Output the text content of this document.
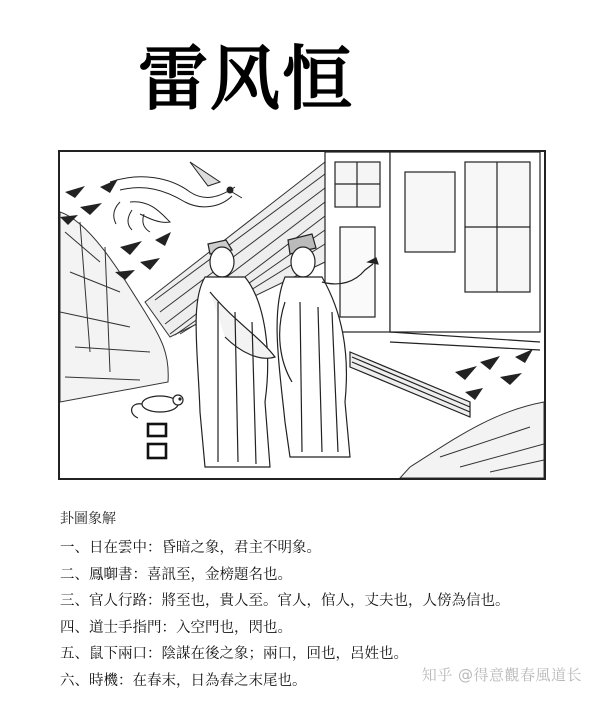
雷风恒
卦圖象解
一、日在雲中：昏暗之象，君主不明象。
二、鳳啣書：喜訊至，金榜題名也。
三、官人行路：將至也，貴人至。官人，倌人，丈夫也，人傍為信也。
四、道士手指門：入空門也，閃也。
五、鼠下兩口：陰謀在後之象；兩口，回也，呂姓也。
六、時機：在春末，日為春之末尾也。	知乎 @得意觀春風道长
